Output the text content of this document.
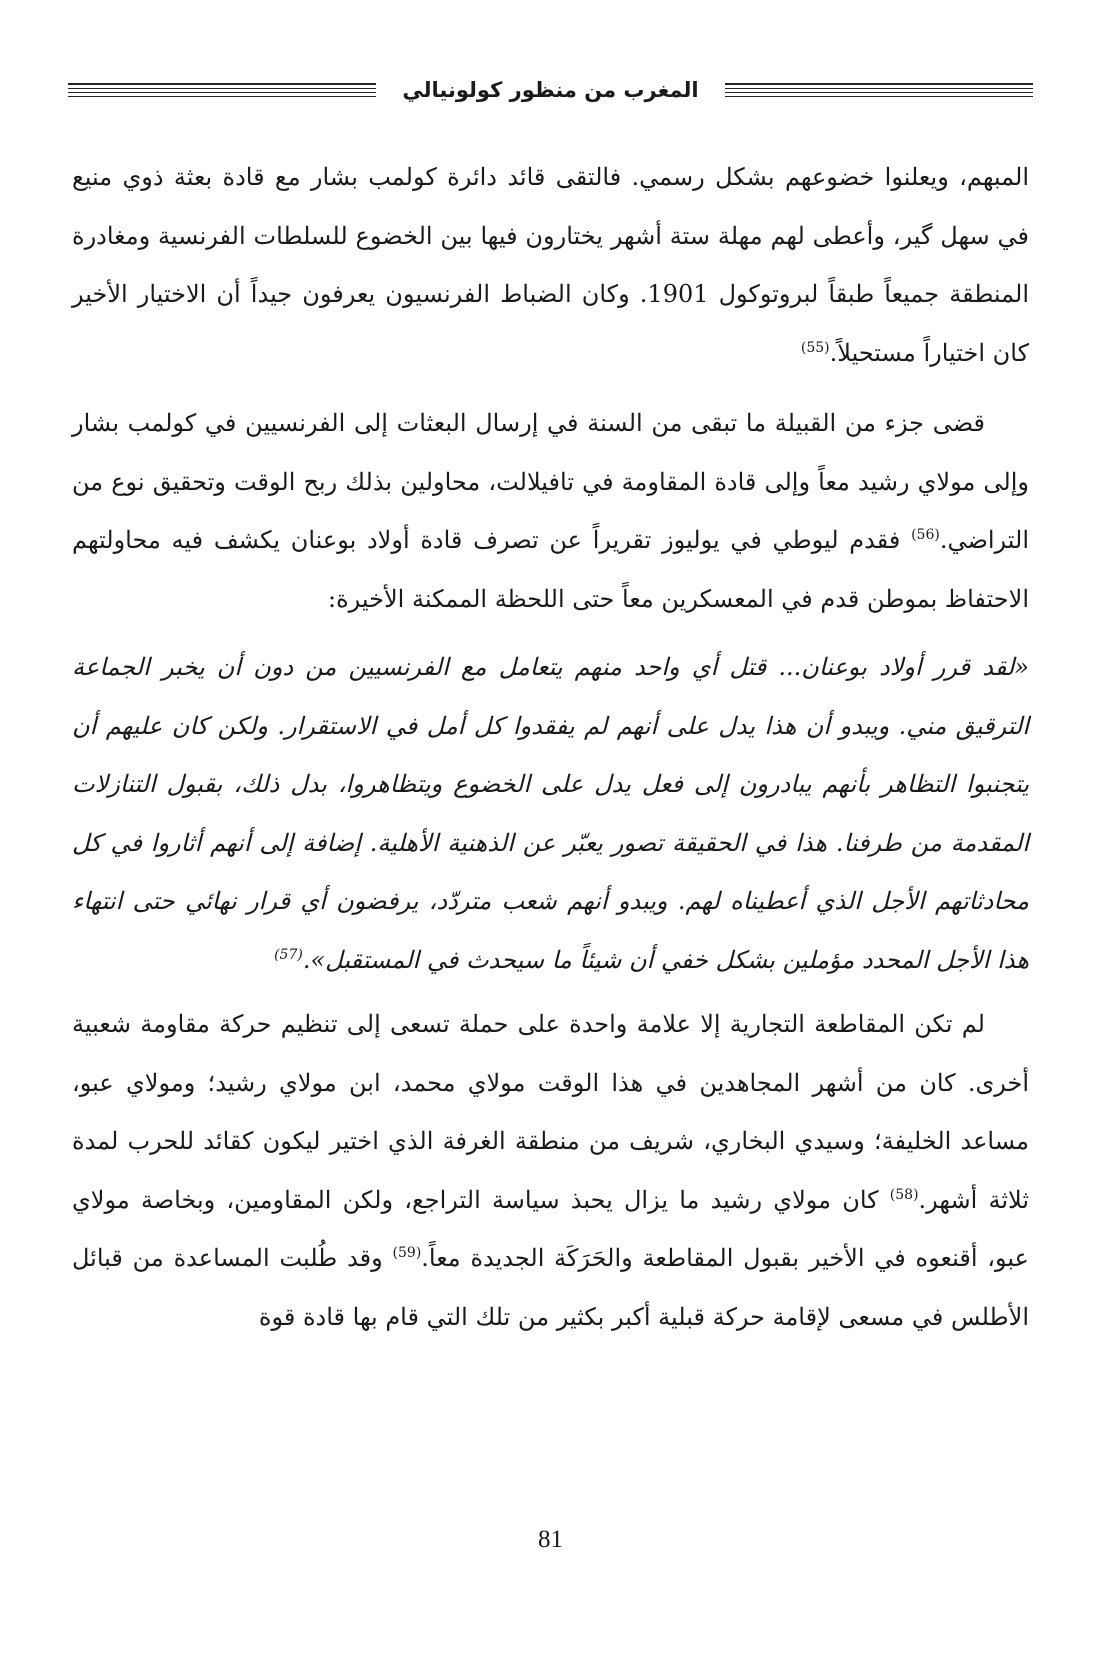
المغرب من منظور كولونيالي

المبهم، ويعلنوا خضوعهم بشكل رسمي. فالتقى قائد دائرة كولمب بشار مع قادة بعثة ذوي منيع في سهل گير، وأعطى لهم مهلة ستة أشهر يختارون فيها بين الخضوع للسلطات الفرنسية ومغادرة المنطقة جميعاً طبقاً لبروتوكول 1901. وكان الضباط الفرنسيون يعرفون جيداً أن الاختيار الأخير كان اختياراً مستحيلاً.$^{(55)}$

قضى جزء من القبيلة ما تبقى من السنة في إرسال البعثات إلى الفرنسيين في كولمب بشار وإلى مولاي رشيد معاً وإلى قادة المقاومة في تافيلالت، محاولين بذلك ربح الوقت وتحقيق نوع من التراضي.$^{(56)}$ فقدم ليوطي في يوليوز تقريراً عن تصرف قادة أولاد بوعنان يكشف فيه محاولتهم الاحتفاظ بموطن قدم في المعسكرين معاً حتى اللحظة الممكنة الأخيرة:

«لقد قرر أولاد بوعنان... قتل أي واحد منهم يتعامل مع الفرنسيين من دون أن يخبر الجماعة الترقيق مني. ويبدو أن هذا يدل على أنهم لم يفقدوا كل أمل في الاستقرار. ولكن كان عليهم أن يتجنبوا التظاهر بأنهم يبادرون إلى فعل يدل على الخضوع ويتظاهروا، بدل ذلك، بقبول التنازلات المقدمة من طرفنا. هذا في الحقيقة تصور يعبّر عن الذهنية الأهلية. إضافة إلى أنهم أثاروا في كل محادثاتهم الأجل الذي أعطيناه لهم. ويبدو أنهم شعب متردّد، يرفضون أي قرار نهائي حتى انتهاء هذا الأجل المحدد مؤملين بشكل خفي أن شيئاً ما سيحدث في المستقبل».$^{(57)}$

لم تكن المقاطعة التجارية إلا علامة واحدة على حملة تسعى إلى تنظيم حركة مقاومة شعبية أخرى. كان من أشهر المجاهدين في هذا الوقت مولاي محمد، ابن مولاي رشيد؛ ومولاي عبو، مساعد الخليفة؛ وسيدي البخاري، شريف من منطقة الغرفة الذي اختير ليكون كقائد للحرب لمدة ثلاثة أشهر.$^{(58)}$ كان مولاي رشيد ما يزال يحبذ سياسة التراجع، ولكن المقاومين، وبخاصة مولاي عبو، أقنعوه في الأخير بقبول المقاطعة والحَرَكَة الجديدة معاً.$^{(59)}$ وقد طُلبت المساعدة من قبائل الأطلس في مسعى لإقامة حركة قبلية أكبر بكثير من تلك التي قام بها قادة قوة

81
